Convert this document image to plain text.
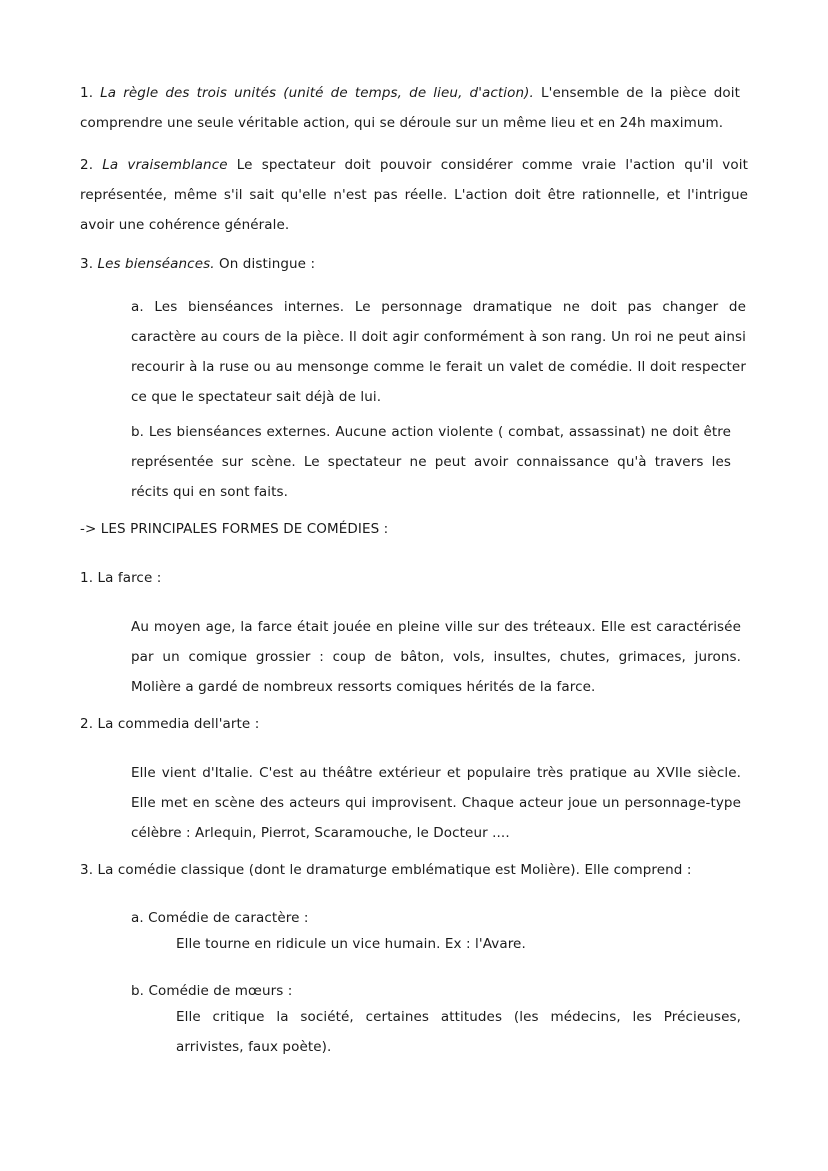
1. La règle des trois unités (unité de temps, de lieu, d'action). L'ensemble de la pièce doit comprendre une seule véritable action, qui se déroule sur un même lieu et en 24h maximum.

2. La vraisemblance Le spectateur doit pouvoir considérer comme vraie l'action qu'il voit représentée, même s'il sait qu'elle n'est pas réelle. L'action doit être rationnelle, et l'intrigue avoir une cohérence générale.

3. Les bienséances. On distingue :

a. Les bienséances internes. Le personnage dramatique ne doit pas changer de caractère au cours de la pièce. Il doit agir conformément à son rang. Un roi ne peut ainsi recourir à la ruse ou au mensonge comme le ferait un valet de comédie. Il doit respecter ce que le spectateur sait déjà de lui.

b. Les bienséances externes. Aucune action violente ( combat, assassinat) ne doit être représentée sur scène. Le spectateur ne peut avoir connaissance qu'à travers les récits qui en sont faits.

-> LES PRINCIPALES FORMES DE COMÉDIES :

1. La farce :

Au moyen age, la farce était jouée en pleine ville sur des tréteaux. Elle est caractérisée par un comique grossier : coup de bâton, vols, insultes, chutes, grimaces, jurons. Molière a gardé de nombreux ressorts comiques hérités de la farce.

2. La commedia dell'arte :

Elle vient d'Italie. C'est au théâtre extérieur et populaire très pratique au XVIIe siècle. Elle met en scène des acteurs qui improvisent. Chaque acteur joue un personnage-type célèbre : Arlequin, Pierrot, Scaramouche, le Docteur ....

3. La comédie classique (dont le dramaturge emblématique est Molière). Elle comprend :

a. Comédie de caractère :

Elle tourne en ridicule un vice humain. Ex : l'Avare.

b. Comédie de mœurs :

Elle critique la société, certaines attitudes (les médecins, les Précieuses, arrivistes, faux poète).
